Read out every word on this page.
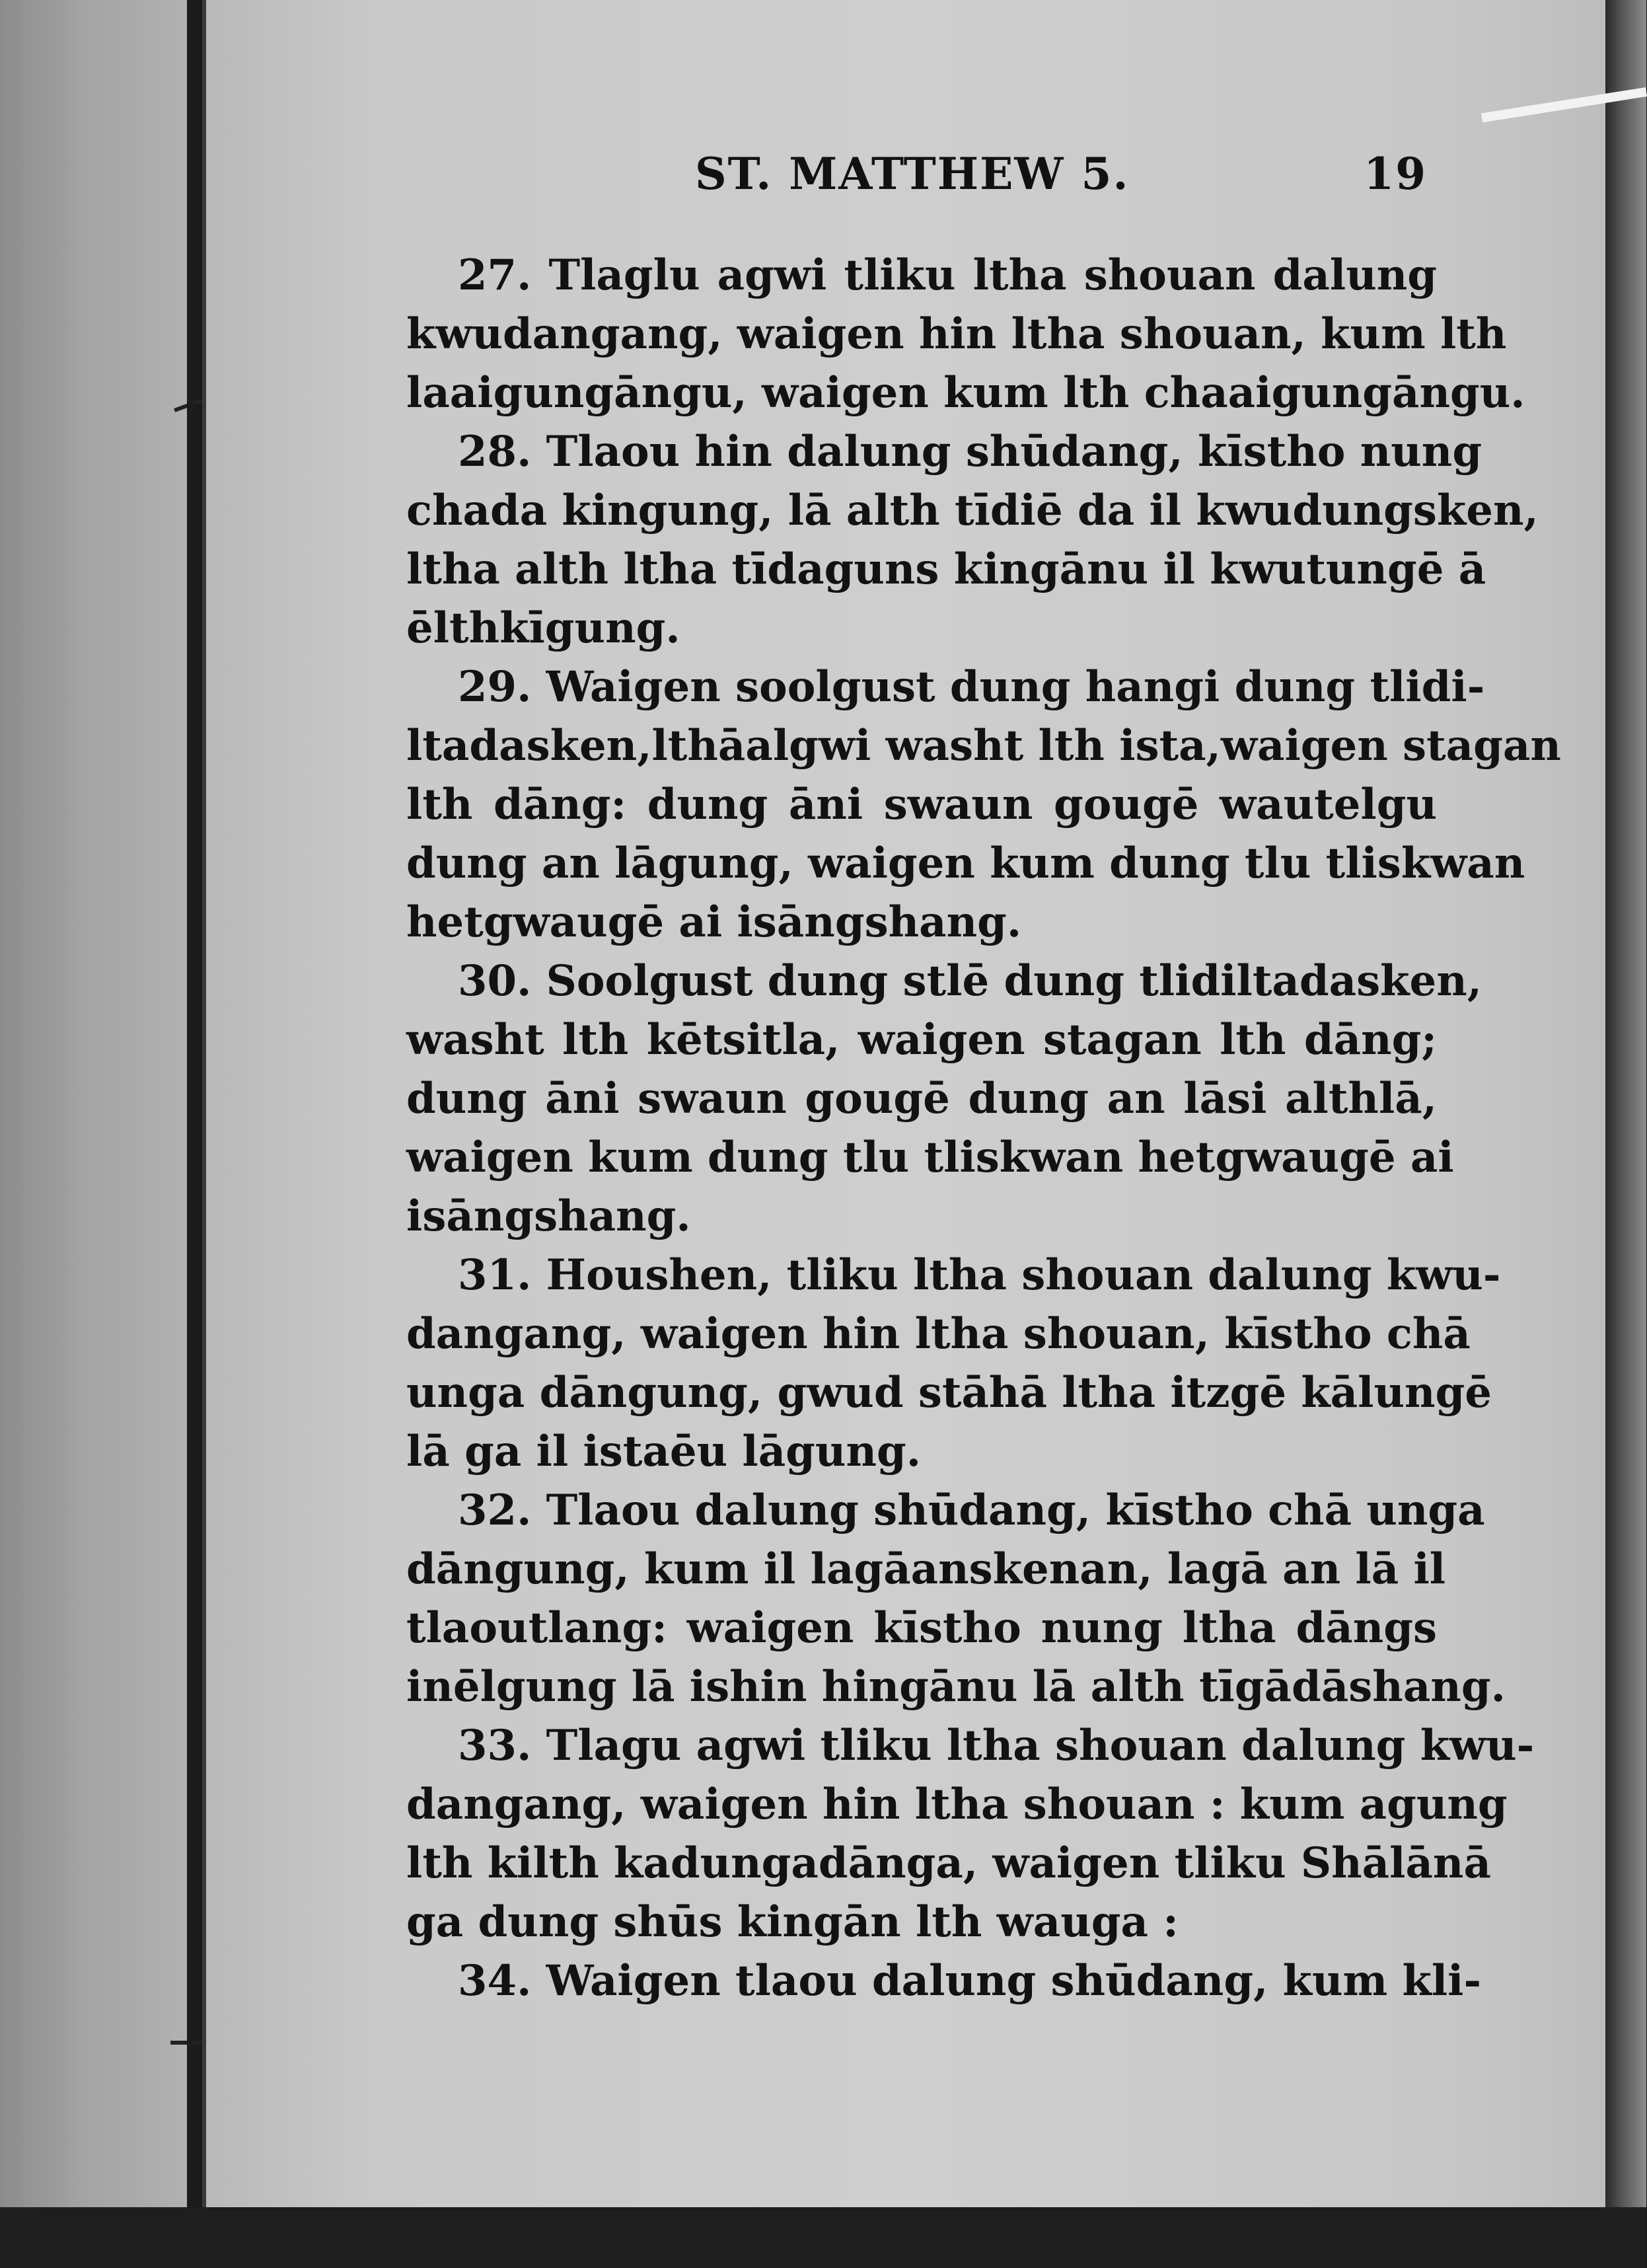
ST. MATTHEW 5.	19
27. Tlaglu agwi tliku ltha shouan dalung
kwudangang, waigen hin ltha shouan, kum lth
laaigungāngu, waigen kum lth chaaigungāngu.
28. Tlaou hin dalung shūdang, kīstho nung
chada kingung, lā alth tīdiē da il kwudungsken,
ltha alth ltha tīdaguns kingānu il kwutungē ā
ēlthkīgung.
29. Waigen soolgust dung hangi dung tlidi-
ltadasken,lthāalgwi washt lth ista,waigen stagan
lth dāng: dung āni swaun gougē wautelgu
dung an lāgung, waigen kum dung tlu tliskwan
hetgwaugē ai isāngshang.
30. Soolgust dung stlē dung tlidiltadasken,
washt lth kētsitla, waigen stagan lth dāng;
dung āni swaun gougē dung an lāsi althlā,
waigen kum dung tlu tliskwan hetgwaugē ai
isāngshang.
31. Houshen, tliku ltha shouan dalung kwu-
dangang, waigen hin ltha shouan, kīstho chā
unga dāngung, gwud stāhā ltha itzgē kālungē
lā ga il istaēu lāgung.
32. Tlaou dalung shūdang, kīstho chā unga
dāngung, kum il lagāanskenan, lagā an lā il
tlaoutlang: waigen kīstho nung ltha dāngs
inēlgung lā ishin hingānu lā alth tīgādāshang.
33. Tlagu agwi tliku ltha shouan dalung kwu-
dangang, waigen hin ltha shouan : kum agung
lth kilth kadungadānga, waigen tliku Shālānā
ga dung shūs kingān lth wauga :
34. Waigen tlaou dalung shūdang, kum kli-
